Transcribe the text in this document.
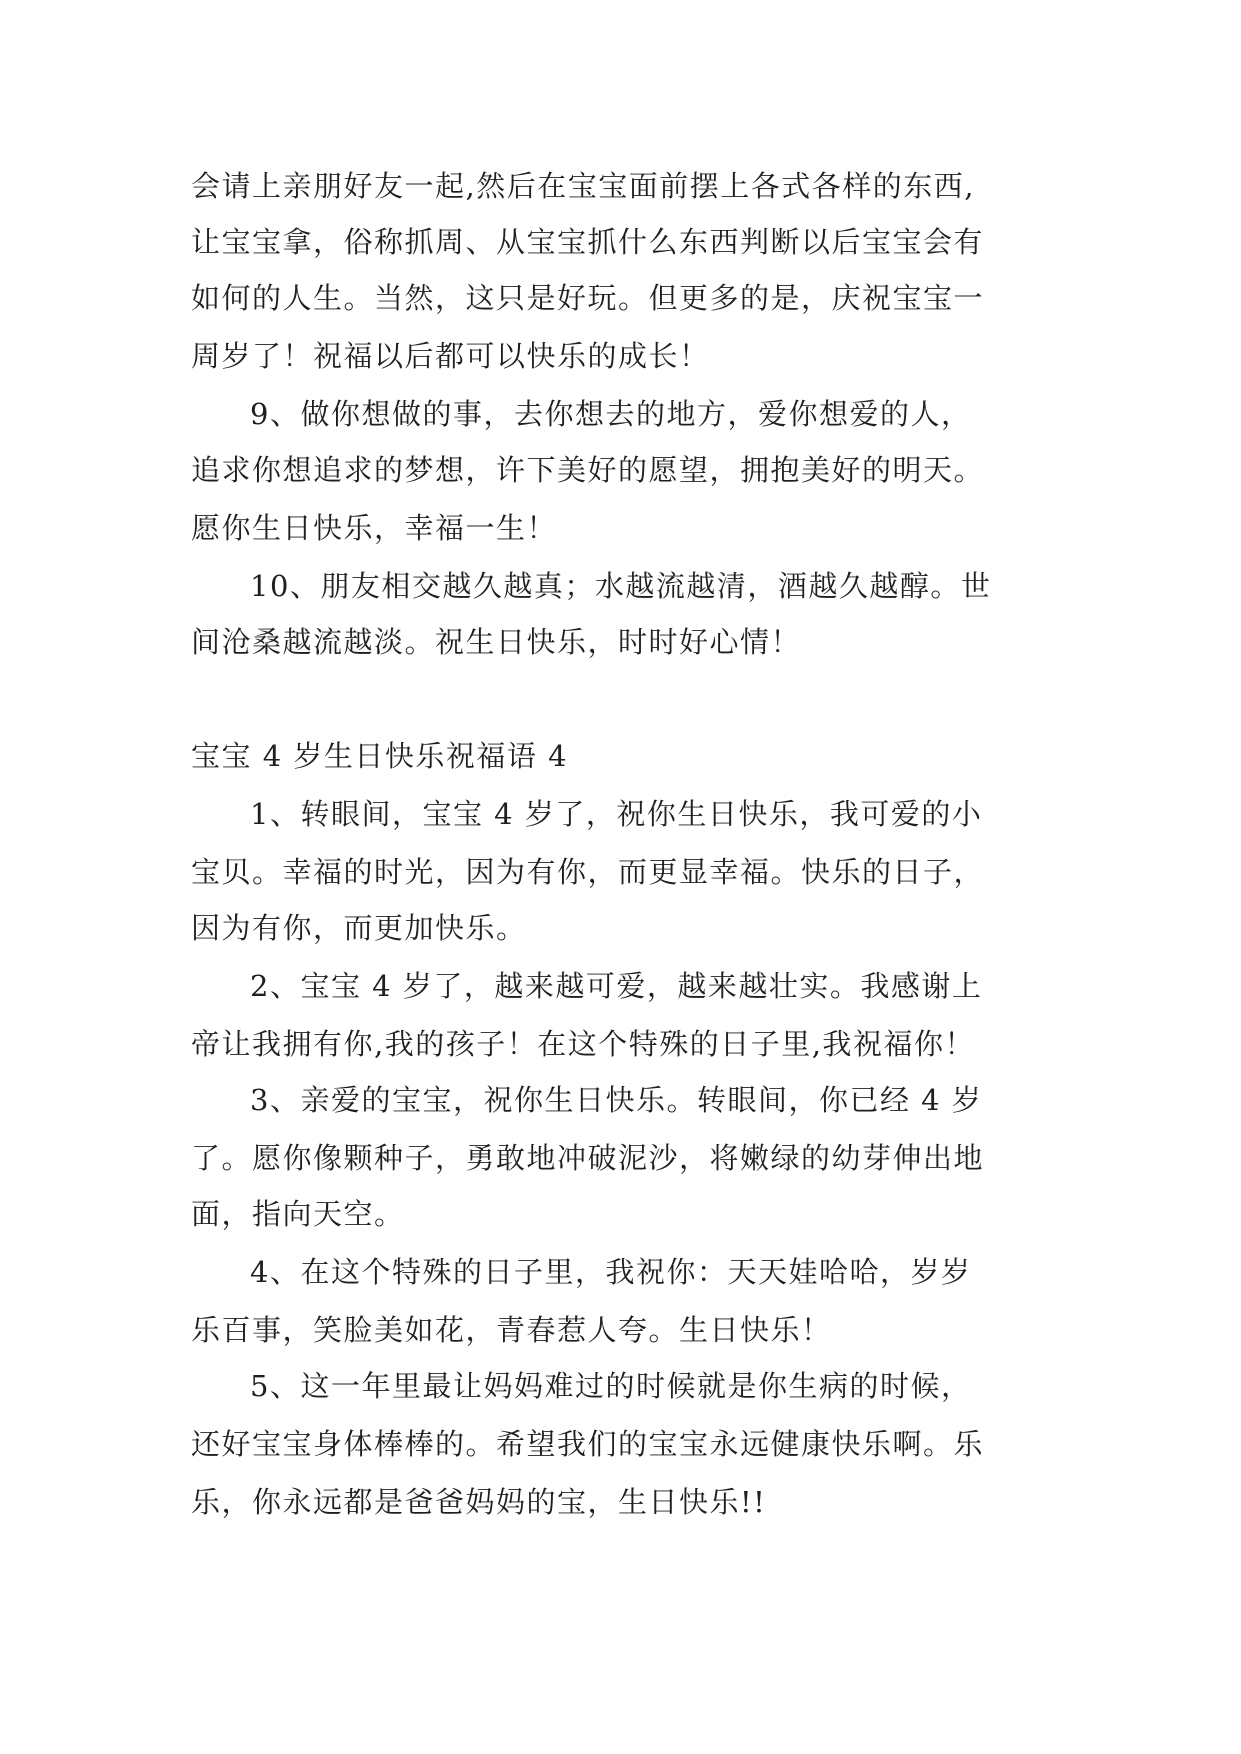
会请上亲朋好友一起,然后在宝宝面前摆上各式各样的东西,
让宝宝拿，俗称抓周、从宝宝抓什么东西判断以后宝宝会有
如何的人生。当然，这只是好玩。但更多的是，庆祝宝宝一
周岁了！祝福以后都可以快乐的成长！
9、做你想做的事，去你想去的地方，爱你想爱的人，
追求你想追求的梦想，许下美好的愿望，拥抱美好的明天。
愿你生日快乐，幸福一生！
10、朋友相交越久越真；水越流越清，酒越久越醇。世
间沧桑越流越淡。祝生日快乐，时时好心情！
宝宝 4 岁生日快乐祝福语 4
1、转眼间，宝宝 4 岁了，祝你生日快乐，我可爱的小
宝贝。幸福的时光，因为有你，而更显幸福。快乐的日子，
因为有你，而更加快乐。
2、宝宝 4 岁了，越来越可爱，越来越壮实。我感谢上
帝让我拥有你,我的孩子！在这个特殊的日子里,我祝福你！
3、亲爱的宝宝，祝你生日快乐。转眼间，你已经 4 岁
了。愿你像颗种子，勇敢地冲破泥沙，将嫩绿的幼芽伸出地
面，指向天空。
4、在这个特殊的日子里，我祝你：天天娃哈哈，岁岁
乐百事，笑脸美如花，青春惹人夸。生日快乐！
5、这一年里最让妈妈难过的时候就是你生病的时候，
还好宝宝身体棒棒的。希望我们的宝宝永远健康快乐啊。乐
乐，你永远都是爸爸妈妈的宝，生日快乐!!
